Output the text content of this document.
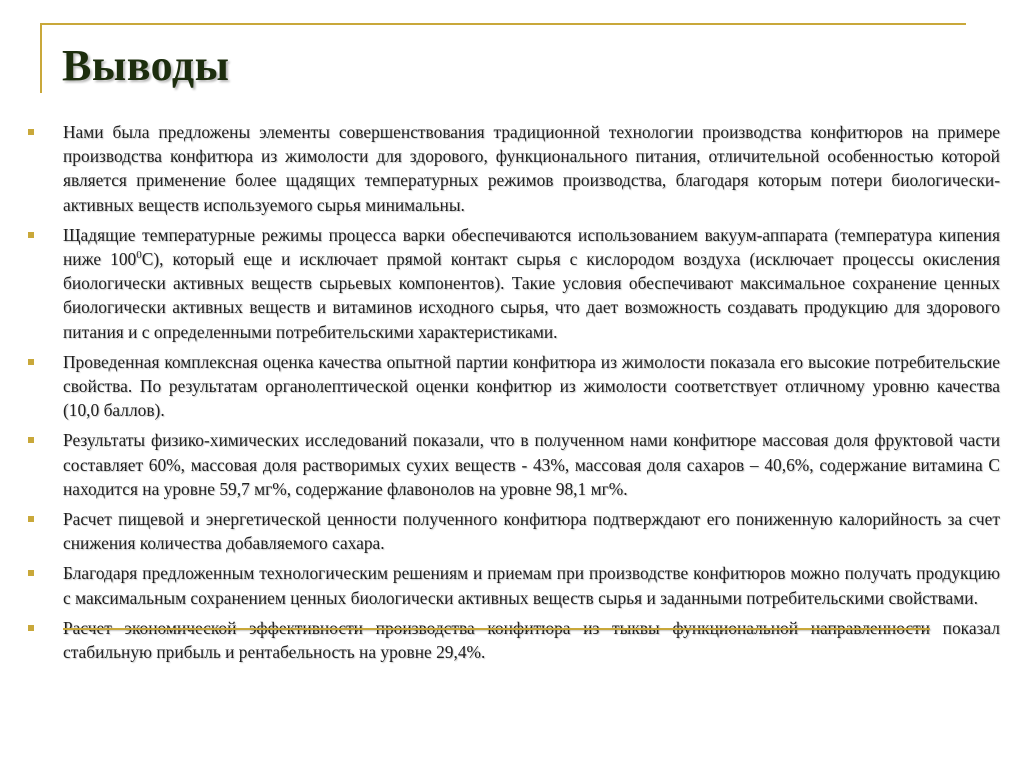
Выводы
Нами была предложены элементы совершенствования традиционной технологии производства конфитюров на примере производства конфитюра из жимолости для здорового, функционального питания, отличительной особенностью которой является применение более щадящих температурных режимов производства, благодаря которым потери биологически-активных веществ используемого сырья минимальны.
Щадящие температурные режимы процесса варки обеспечиваются использованием вакуум-аппарата (температура кипения ниже $100^0С$), который еще и исключает прямой контакт сырья с кислородом воздуха (исключает процессы окисления биологически активных веществ сырьевых компонентов). Такие условия обеспечивают максимальное сохранение ценных биологически активных веществ и витаминов исходного сырья, что дает возможность создавать продукцию для здорового питания и с определенными потребительскими характеристиками.
Проведенная комплексная оценка качества опытной партии конфитюра из жимолости показала его высокие потребительские свойства. По результатам органолептической оценки конфитюр из жимолости соответствует отличному уровню качества (10,0 баллов).
Результаты физико-химических исследований показали, что в полученном нами конфитюре массовая доля фруктовой части составляет 60%, массовая доля растворимых сухих веществ - 43%, массовая доля сахаров – 40,6%, содержание витамина С находится на уровне 59,7 мг%, содержание флавонолов на уровне 98,1 мг%.
Расчет пищевой и энергетической ценности полученного конфитюра подтверждают его пониженную калорийность за счет снижения количества добавляемого сахара.
Благодаря предложенным технологическим решениям и приемам при производстве конфитюров можно получать продукцию с максимальным сохранением ценных биологически активных веществ сырья и заданными потребительскими свойствами.
Расчет экономической эффективности производства конфитюра из тыквы функциональной направленности показал стабильную прибыль и рентабельность на уровне 29,4%.
